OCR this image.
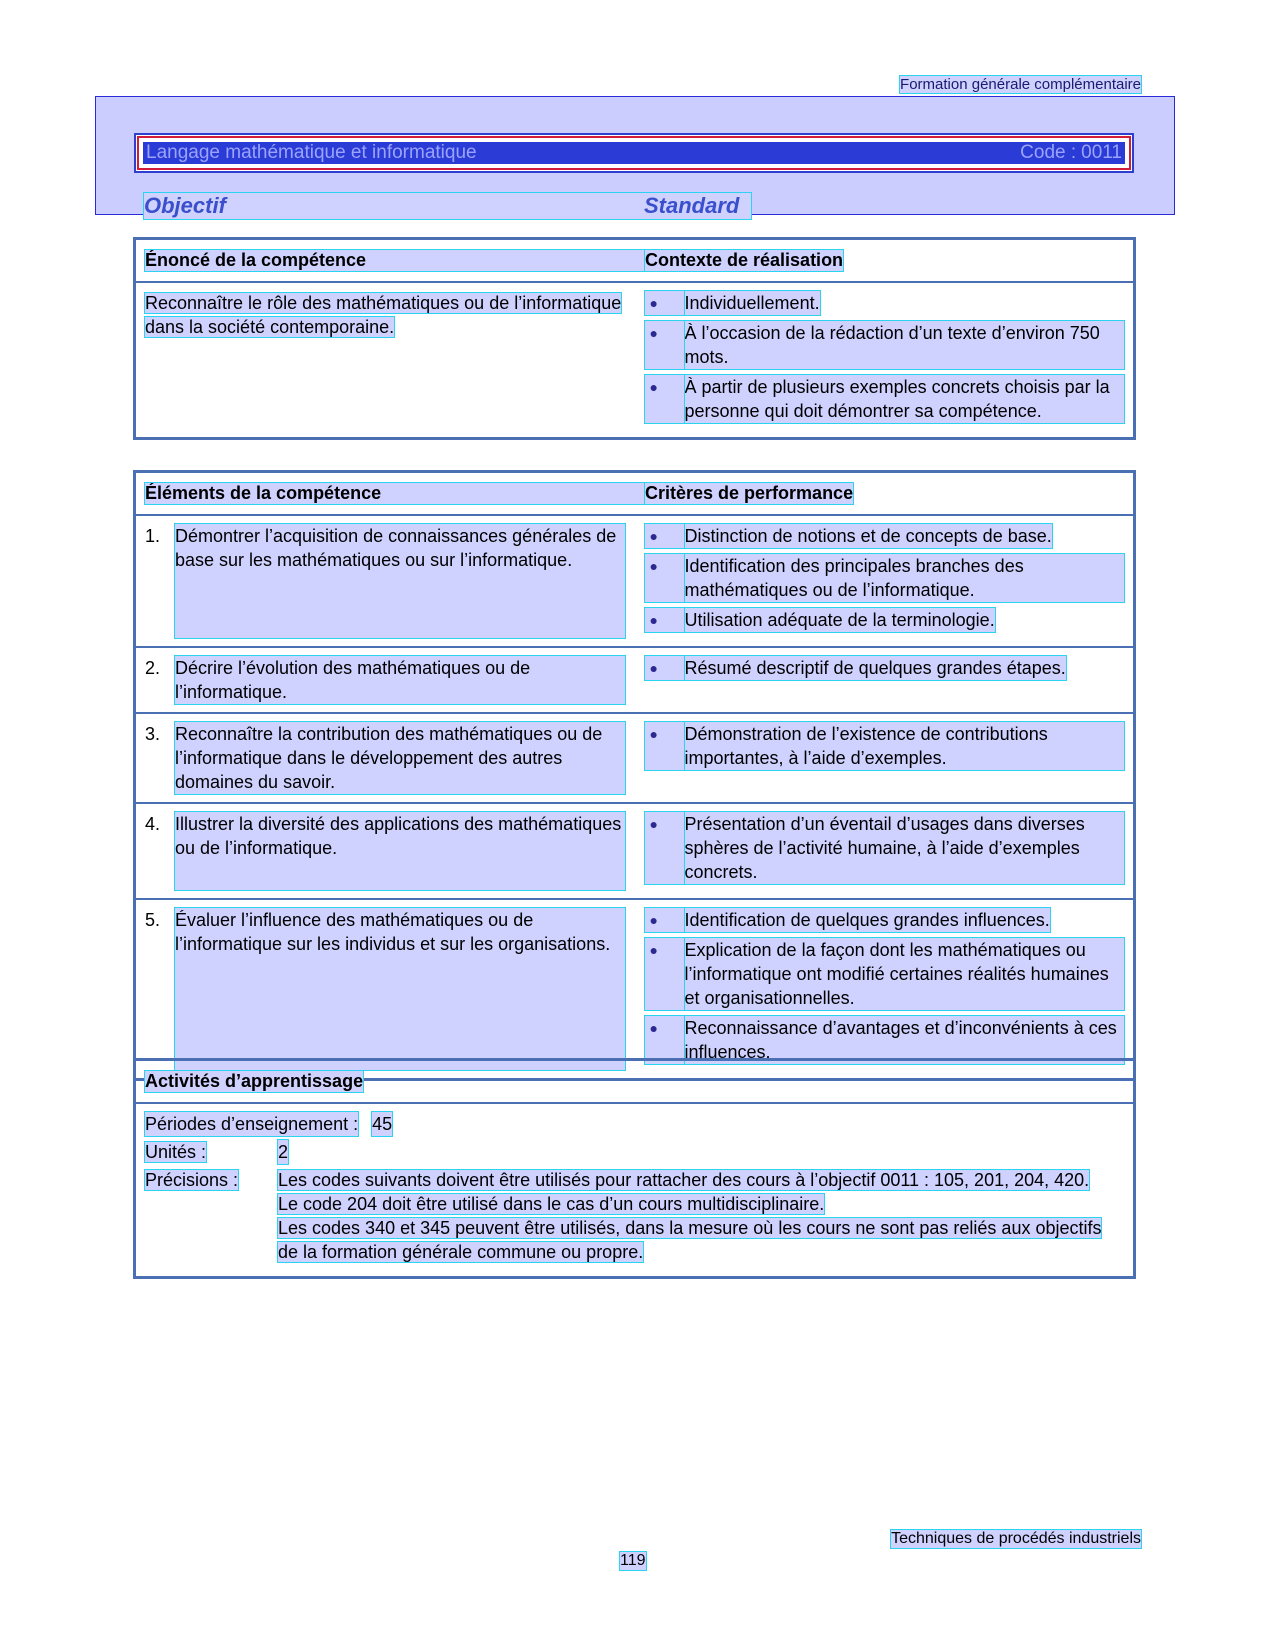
Formation générale complémentaire
Langage mathématique et informatique	Code : 0011
Objectif	Standard
Énoncé de la compétence	Contexte de réalisation
Reconnaître le rôle des mathématiques ou de l’informatique dans la société contemporaine.
●	Individuellement.
●	À l’occasion de la rédaction d’un texte d’environ 750 mots.
●	À partir de plusieurs exemples concrets choisis par la personne qui doit démontrer sa compétence.
Éléments de la compétence	Critères de performance
1. Démontrer l’acquisition de connaissances générales de base sur les mathématiques ou sur l’informatique.
●	Distinction de notions et de concepts de base.
●	Identification des principales branches des mathématiques ou de l’informatique.
●	Utilisation adéquate de la terminologie.
2. Décrire l’évolution des mathématiques ou de l’informatique.
●	Résumé descriptif de quelques grandes étapes.
3. Reconnaître la contribution des mathématiques ou de l’informatique dans le développement des autres domaines du savoir.
●	Démonstration de l’existence de contributions importantes, à l’aide d’exemples.
4. Illustrer la diversité des applications des mathématiques ou de l’informatique.
●	Présentation d’un éventail d’usages dans diverses sphères de l’activité humaine, à l’aide d’exemples concrets.
5. Évaluer l’influence des mathématiques ou de l’informatique sur les individus et sur les organisations.
●	Identification de quelques grandes influences.
●	Explication de la façon dont les mathématiques ou l’informatique ont modifié certaines réalités humaines et organisationnelles.
●	Reconnaissance d’avantages et d’inconvénients à ces influences.
Activités d’apprentissage
Périodes d’enseignement : 45
Unités :	2
Précisions :	Les codes suivants doivent être utilisés pour rattacher des cours à l’objectif 0011 : 105, 201, 204, 420.
Le code 204 doit être utilisé dans le cas d’un cours multidisciplinaire.
Les codes 340 et 345 peuvent être utilisés, dans la mesure où les cours ne sont pas reliés aux objectifs de la formation générale commune ou propre.
Techniques de procédés industriels
119
